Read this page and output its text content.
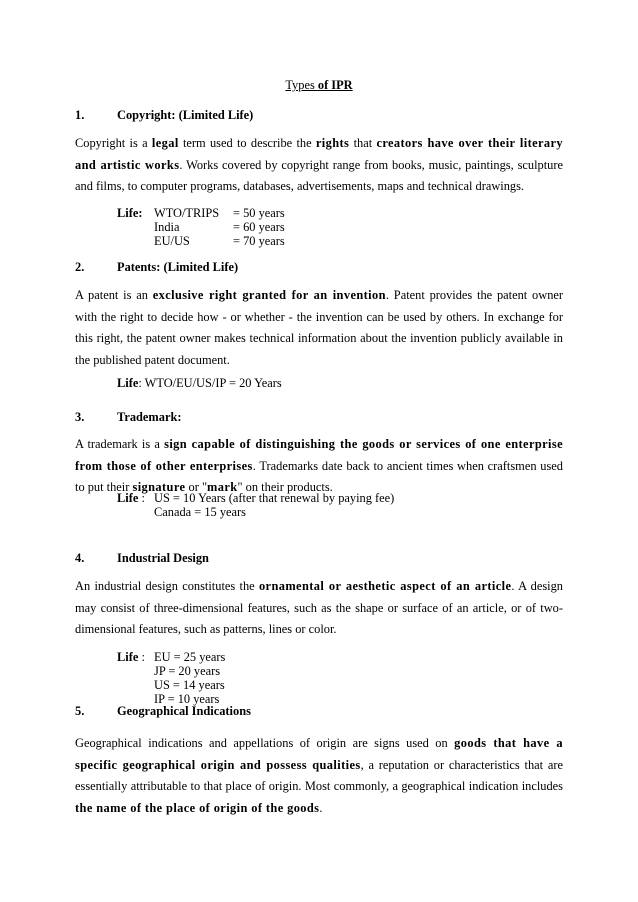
Types of IPR
1.	Copyright: (Limited Life)
Copyright is a legal term used to describe the rights that creators have over their literary and artistic works. Works covered by copyright range from books, music, paintings, sculpture and films, to computer programs, databases, advertisements, maps and technical drawings.
Life:	WTO/TRIPS	= 50 years
	India	= 60 years
	EU/US	= 70 years
2.	Patents: (Limited Life)
A patent is an exclusive right granted for an invention. Patent provides the patent owner with the right to decide how - or whether - the invention can be used by others. In exchange for this right, the patent owner makes technical information about the invention publicly available in the published patent document.
Life: WTO/EU/US/IP = 20 Years
3.	Trademark:
A trademark is a sign capable of distinguishing the goods or services of one enterprise from those of other enterprises. Trademarks date back to ancient times when craftsmen used to put their signature or "mark" on their products.
Life :	US = 10 Years (after that renewal by paying fee)
	Canada = 15 years
4.	Industrial Design
An industrial design constitutes the ornamental or aesthetic aspect of an article. A design may consist of three-dimensional features, such as the shape or surface of an article, or of two-dimensional features, such as patterns, lines or color.
Life :	EU = 25 years
	JP = 20 years
	US = 14 years
	IP = 10 years
5.	Geographical Indications
Geographical indications and appellations of origin are signs used on goods that have a specific geographical origin and possess qualities, a reputation or characteristics that are essentially attributable to that place of origin. Most commonly, a geographical indication includes the name of the place of origin of the goods.
